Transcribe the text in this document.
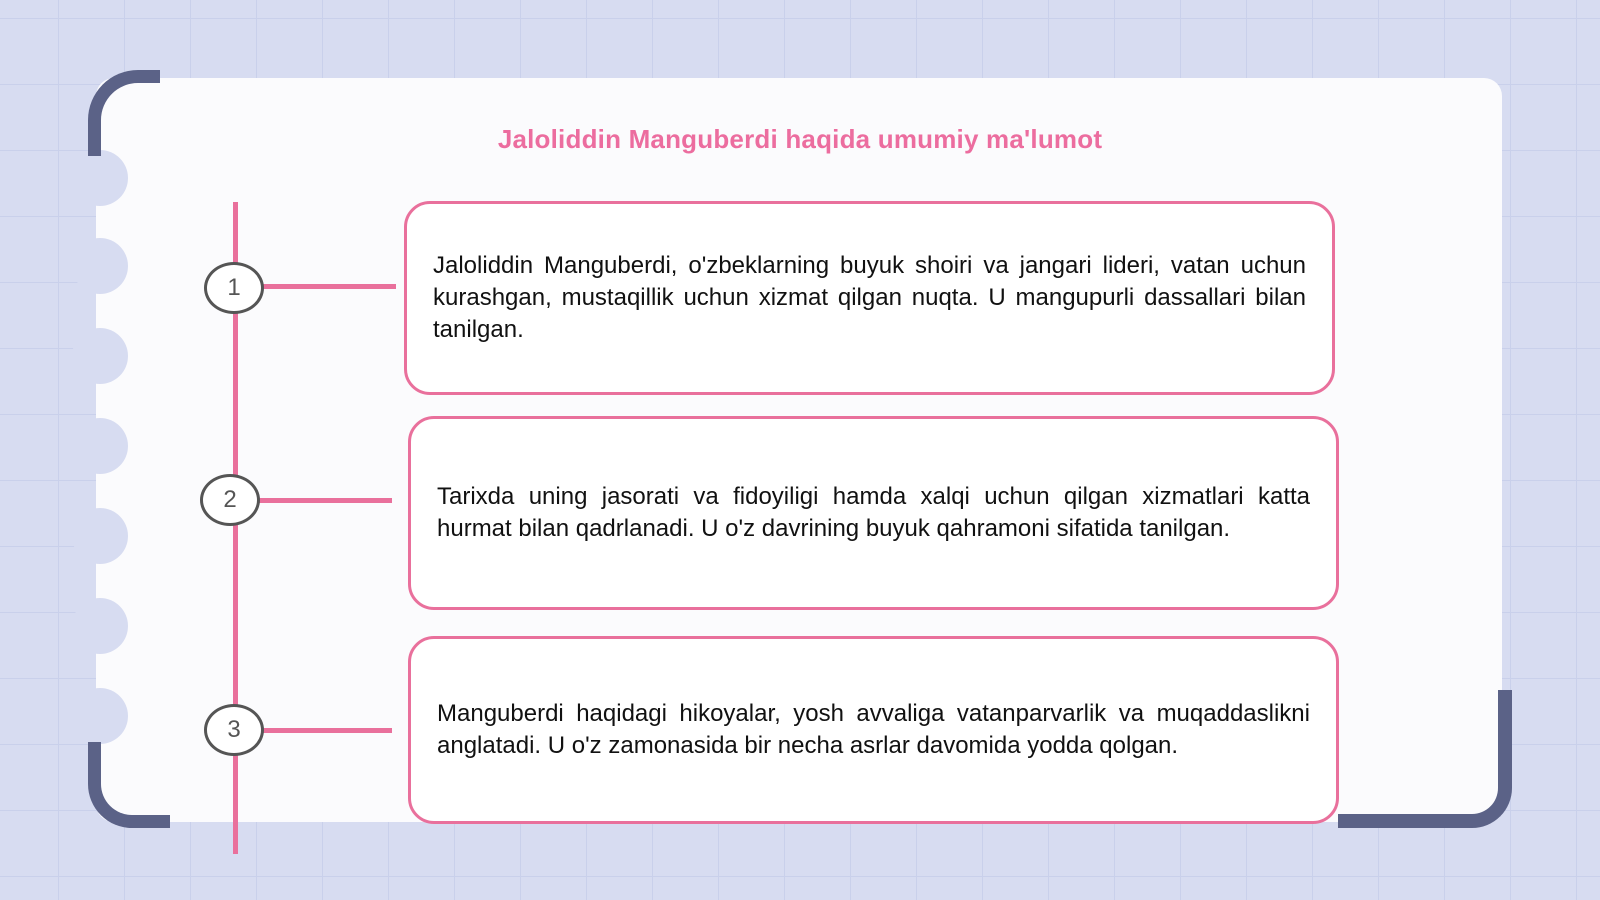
Jaloliddin Manguberdi haqida umumiy ma'lumot
1
2
3
Jaloliddin Manguberdi, o'zbeklarning buyuk shoiri va jangari lideri, vatan uchun kurashgan, mustaqillik uchun xizmat qilgan nuqta. U mangupurli dassallari bilan tanilgan.
Tarixda uning jasorati va fidoyiligi hamda xalqi uchun qilgan xizmatlari katta hurmat bilan qadrlanadi. U o'z davrining buyuk qahramoni sifatida tanilgan.
Manguberdi haqidagi hikoyalar, yosh avvaliga vatanparvarlik va muqaddaslikni anglatadi. U o'z zamonasida bir necha asrlar davomida yodda qolgan.
